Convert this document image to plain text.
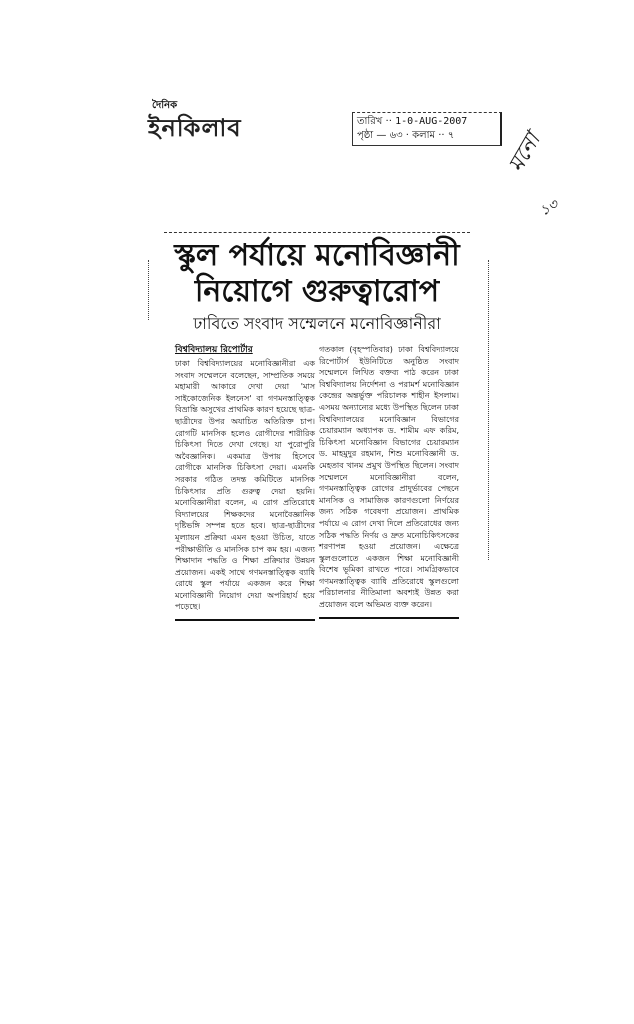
দৈনিক
ইনকিলাব	তারিখ ·· 1-0-AUG-2007
পৃষ্ঠা — ৬৩ · কলাম ·· ৭	মনো
১৩
স্কুল পর্যায়ে মনোবিজ্ঞানী
নিয়োগে গুরুত্বারোপ
ঢাবিতে সংবাদ সম্মেলনে মনোবিজ্ঞানীরা
বিশ্ববিদ্যালয় রিপোর্টার
ঢাকা বিশ্ববিদ্যালয়ের মনোবিজ্ঞানীরা এক সংবাদ সম্মেলনে বলেছেন, সাম্প্রতিক সময়ে মহামারী আকারে দেখা দেয়া 'মাস সাইকোজেনিক ইলনেস' বা গণমনস্তাত্ত্বিক বিভ্রান্তি অসুখের প্রাথমিক কারণ হয়েছে ছাত্র-ছাত্রীদের উপর অযাচিত অতিরিক্ত চাপ। রোগটি মানসিক হলেও রোগীদের শারীরিক চিকিৎসা দিতে দেখা গেছে। যা পুরোপুরি অবৈজ্ঞানিক। একমাত্র উপায় হিসেবে রোগীকে মানসিক চিকিৎসা দেয়া। এমনকি সরকার গঠিত তদন্ত কমিটিতে মানসিক চিকিৎসার প্রতি গুরুত্ব দেয়া হয়নি। মনোবিজ্ঞানীরা বলেন, এ রোগ প্রতিরোধে বিদ্যালয়ের শিক্ষকদের মনোবৈজ্ঞানিক দৃষ্টিভঙ্গি সম্পন্ন হতে হবে। ছাত্র-ছাত্রীদের মূল্যায়ন প্রক্রিয়া এমন হওয়া উচিত, যাতে পরীক্ষাভীতি ও মানসিক চাপ কম হয়। এজন্য শিক্ষাদান পদ্ধতি ও শিক্ষা প্রক্রিয়ার উন্নয়ন প্রয়োজন। একই সাথে গণমনস্তাত্ত্বিক ব্যাধি রোধে স্কুল পর্যায়ে একজন করে শিক্ষা মনোবিজ্ঞানী নিয়োগ দেয়া অপরিহার্য হয়ে পড়েছে।
গতকাল (বৃহস্পতিবার) ঢাকা বিশ্ববিদ্যালয়ে রিপোর্টার্স ইউনিটিতে অনুষ্ঠিত সংবাদ সম্মেলনে লিখিত বক্তব্য পাঠ করেন ঢাকা বিশ্ববিদ্যালয় নির্দেশনা ও পরামর্শ মনোবিজ্ঞান কেন্দ্রের অন্তর্ভুক্ত পরিচালক শাহীন ইসলাম। এসময় অন্যান্যের মধ্যে উপস্থিত ছিলেন ঢাকা বিশ্ববিদ্যালয়ের মনোবিজ্ঞান বিভাগের চেয়ারম্যান অধ্যাপক ড. শামীম এফ করিম, চিকিৎসা মনোবিজ্ঞান বিভাগের চেয়ারম্যান ড. মাহমুদুর রহমান, শিশু মনোবিজ্ঞানী ড. মেহতাব খানম প্রমুখ উপস্থিত ছিলেন। সংবাদ সম্মেলনে মনোবিজ্ঞানীরা বলেন, গণমনস্তাত্ত্বিক রোগের প্রাদুর্ভাবের পেছনে মানসিক ও সামাজিক কারণগুলো নির্ণয়ের জন্য সঠিক গবেষণা প্রয়োজন। প্রাথমিক পর্যায়ে এ রোগ দেখা দিলে প্রতিরোধের জন্য সঠিক পদ্ধতি নির্ণয় ও দ্রুত মনোচিকিৎসকের শরণাপন্ন হওয়া প্রয়োজন। এক্ষেত্রে স্কুলগুলোতে একজন শিক্ষা মনোবিজ্ঞানী বিশেষ ভূমিকা রাখতে পারে। সামগ্রিকভাবে গণমনস্তাত্ত্বিক ব্যাধি প্রতিরোধে স্কুলগুলো পরিচালনার নীতিমালা অবশ্যই উন্নত করা প্রয়োজন বলে অভিমত ব্যক্ত করেন।
